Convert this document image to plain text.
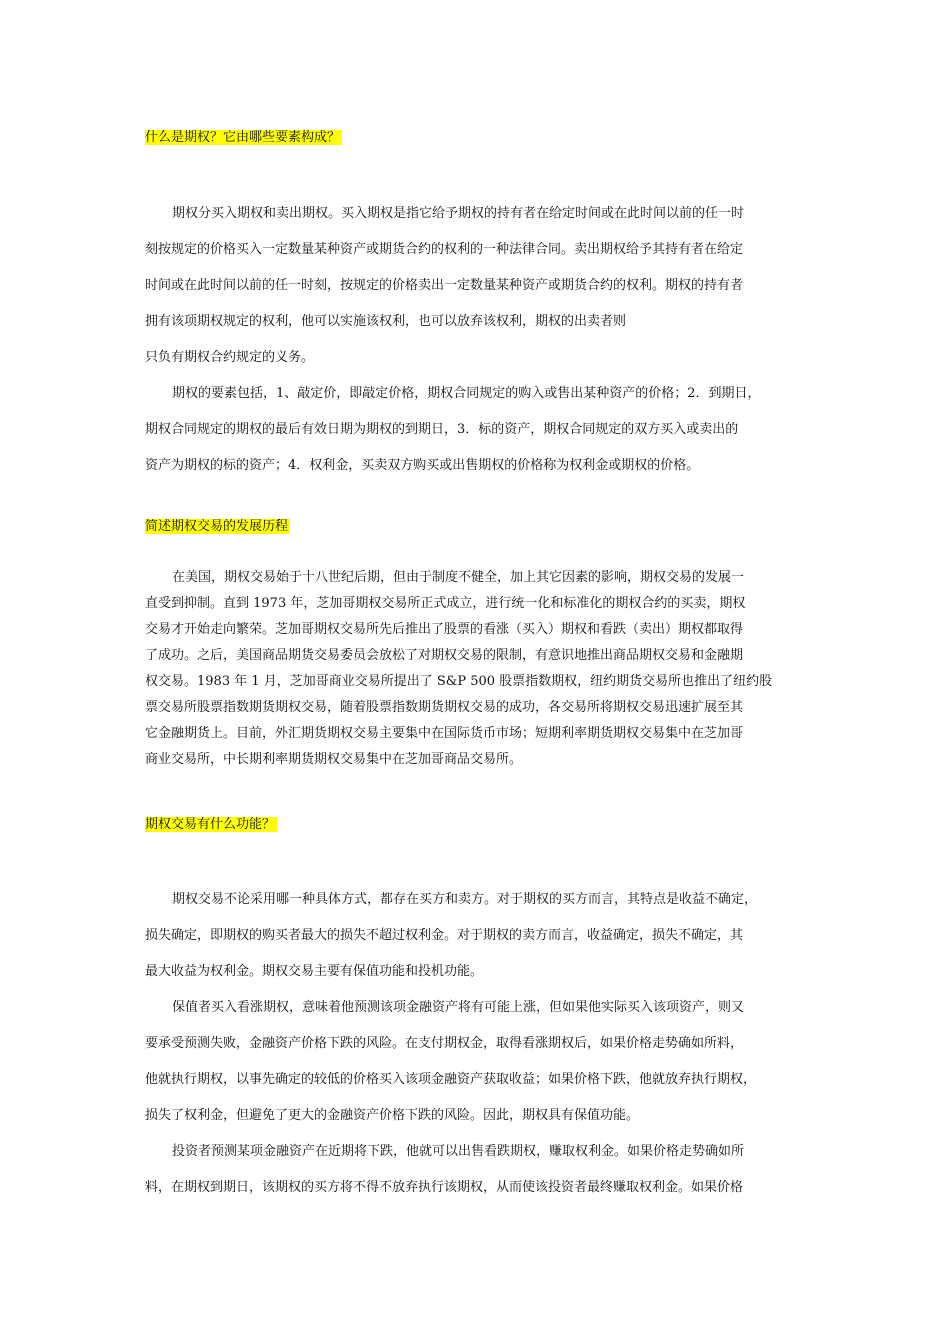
什么是期权？它由哪些要素构成？
期权分买入期权和卖出期权。买入期权是指它给予期权的持有者在给定时间或在此时间以前的任一时
刻按规定的价格买入一定数量某种资产或期货合约的权利的一种法律合同。卖出期权给予其持有者在给定
时间或在此时间以前的任一时刻，按规定的价格卖出一定数量某种资产或期货合约的权利。期权的持有者
拥有该项期权规定的权利，他可以实施该权利，也可以放弃该权利，期权的出卖者则
只负有期权合约规定的义务。
期权的要素包括，1、敲定价，即敲定价格，期权合同规定的购入或售出某种资产的价格；2．到期日，
期权合同规定的期权的最后有效日期为期权的到期日，3．标的资产，期权合同规定的双方买入或卖出的
资产为期权的标的资产；4．权利金，买卖双方购买或出售期权的价格称为权利金或期权的价格。
简述期权交易的发展历程
在美国，期权交易始于十八世纪后期，但由于制度不健全，加上其它因素的影响，期权交易的发展一
直受到抑制。直到 1973 年，芝加哥期权交易所正式成立，进行统一化和标准化的期权合约的买卖，期权
交易才开始走向繁荣。芝加哥期权交易所先后推出了股票的看涨（买入）期权和看跌（卖出）期权都取得
了成功。之后，美国商品期货交易委员会放松了对期权交易的限制，有意识地推出商品期权交易和金融期
权交易。1983 年 1 月，芝加哥商业交易所提出了 S&P 500 股票指数期权，纽约期货交易所也推出了纽约股
票交易所股票指数期货期权交易，随着股票指数期货期权交易的成功，各交易所将期权交易迅速扩展至其
它金融期货上。目前，外汇期货期权交易主要集中在国际货币市场；短期利率期货期权交易集中在芝加哥
商业交易所，中长期利率期货期权交易集中在芝加哥商品交易所。
期权交易有什么功能？
期权交易不论采用哪一种具体方式，都存在买方和卖方。对于期权的买方而言，其特点是收益不确定，
损失确定，即期权的购买者最大的损失不超过权利金。对于期权的卖方而言，收益确定，损失不确定，其
最大收益为权利金。期权交易主要有保值功能和投机功能。
保值者买入看涨期权，意味着他预测该项金融资产将有可能上涨，但如果他实际买入该项资产，则又
要承受预测失败，金融资产价格下跌的风险。在支付期权金，取得看涨期权后，如果价格走势确如所料，
他就执行期权，以事先确定的较低的价格买入该项金融资产获取收益；如果价格下跌，他就放弃执行期权，
损失了权利金，但避免了更大的金融资产价格下跌的风险。因此，期权具有保值功能。
投资者预测某项金融资产在近期将下跌，他就可以出售看跌期权，赚取权利金。如果价格走势确如所
料，在期权到期日，该期权的买方将不得不放弃执行该期权，从而使该投资者最终赚取权利金。如果价格
